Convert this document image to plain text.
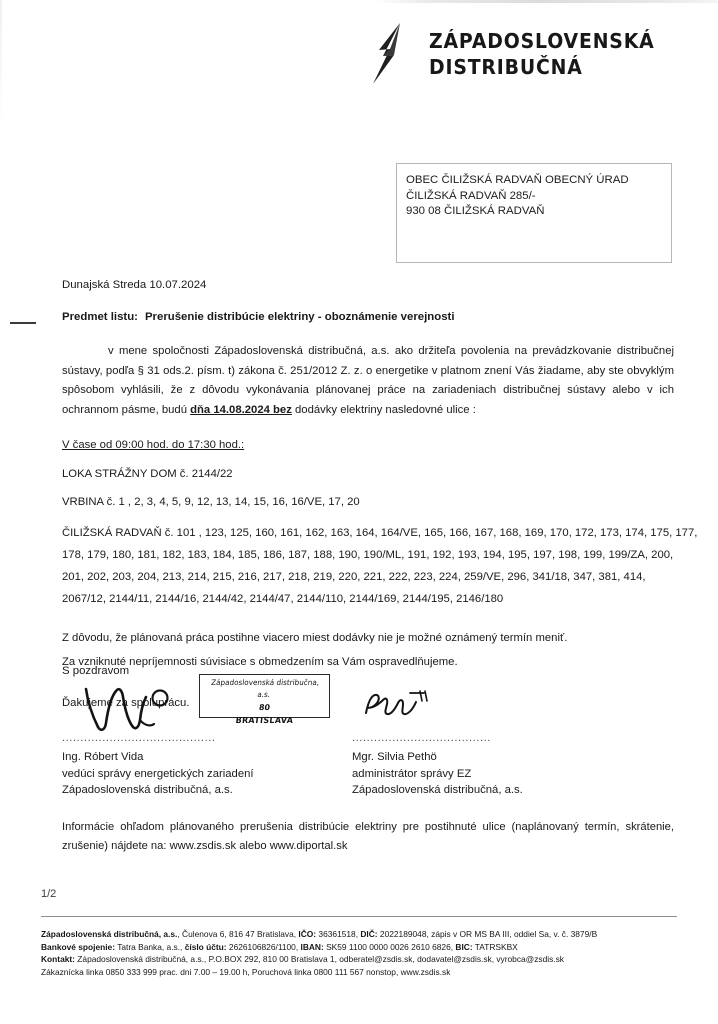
ZÁPADOSLOVENSKÁ
DISTRIBUČNÁ
OBEC ČILIŽSKÁ RADVAŇ OBECNÝ ÚRAD
ČILIŽSKÁ RADVAŇ 285/-
930 08 ČILIŽSKÁ RADVAŇ
Dunajská Streda 10.07.2024
Predmet listu: Prerušenie distribúcie elektriny - oboznámenie verejnosti

v mene spoločnosti Západoslovenská distribučná, a.s. ako držiteľa povolenia na prevádzkovanie distribučnej sústavy, podľa § 31 ods.2. písm. t) zákona č. 251/2012 Z. z. o energetike v platnom znení Vás žiadame, aby ste obvyklým spôsobom vyhlásili, že z dôvodu vykonávania plánovanej práce na zariadeniach distribučnej sústavy alebo v ich ochrannom pásme, budú dňa 14.08.2024 bez dodávky elektriny nasledovné ulice :

V čase od 09:00 hod. do 17:30 hod.:
LOKA STRÁŽNY DOM č. 2144/22
VRBINA č. 1 , 2, 3, 4, 5, 9, 12, 13, 14, 15, 16, 16/VE, 17, 20
ČILIŽSKÁ RADVAŇ č. 101 , 123, 125, 160, 161, 162, 163, 164, 164/VE, 165, 166, 167, 168, 169, 170, 172, 173, 174, 175, 177,
178, 179, 180, 181, 182, 183, 184, 185, 186, 187, 188, 190, 190/ML, 191, 192, 193, 194, 195, 197, 198, 199, 199/ZA, 200,
201, 202, 203, 204, 213, 214, 215, 216, 217, 218, 219, 220, 221, 222, 223, 224, 259/VE, 296, 341/18, 347, 381, 414,
2067/12, 2144/11, 2144/16, 2144/42, 2144/47, 2144/110, 2144/169, 2144/195, 2146/180
Z dôvodu, že plánovaná práca postihne viacero miest dodávky nie je možné oznámený termín meniť.
Za vzniknuté nepríjemnosti súvisiace s obmedzením sa Vám ospravedlňujeme.
Ďakujeme za spoluprácu.
S pozdravom
Západoslovenská distribučna, a.s.
80
BRATISLAVA
..........................................
Ing. Róbert Vida
vedúci správy energetických zariadení
Západoslovenská distribučná, a.s.
......................................
Mgr. Silvia Pethö
administrátor správy EZ
Západoslovenská distribučná, a.s.
Informácie ohľadom plánovaného prerušenia distribúcie elektriny pre postihnuté ulice (naplánovaný termín, skrátenie, zrušenie) nájdete na: www.zsdis.sk alebo www.diportal.sk
1/2
Západoslovenská distribučná, a.s., Čulenova 6, 816 47 Bratislava, IČO: 36361518, DIČ: 2022189048, zápis v OR MS BA III, oddiel Sa, v. č. 3879/B
Bankové spojenie: Tatra Banka, a.s., číslo účtu: 2626106826/1100, IBAN: SK59 1100 0000 0026 2610 6826, BIC: TATRSKBX
Kontakt: Západoslovenská distribučná, a.s., P.O.BOX 292, 810 00 Bratislava 1, odberatel@zsdis.sk, dodavatel@zsdis.sk, vyrobca@zsdis.sk
Zákaznícka linka 0850 333 999 prac. dni 7.00 – 19.00 h, Poruchová linka 0800 111 567 nonstop, www.zsdis.sk
